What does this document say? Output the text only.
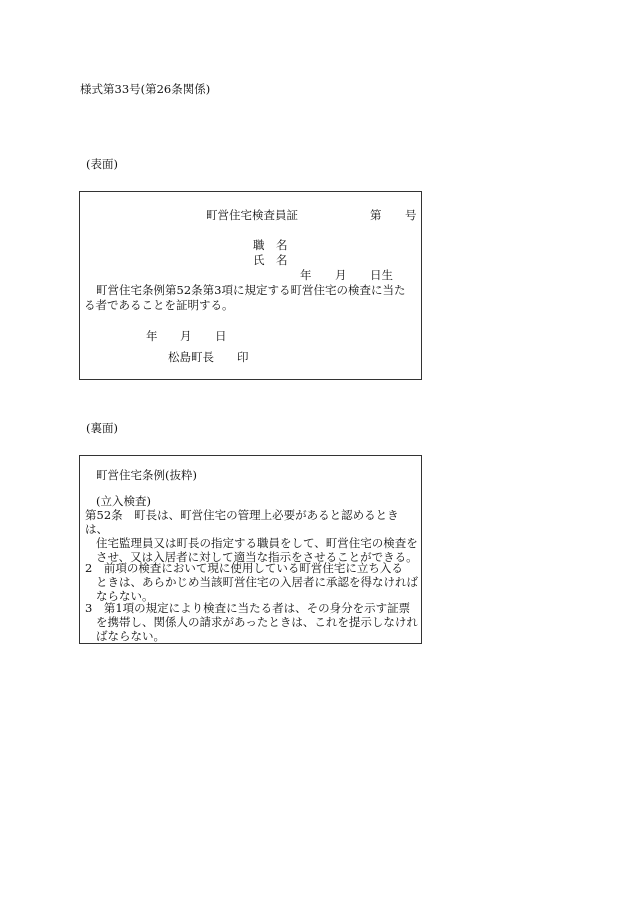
様式第33号(第26条関係)
(表面)
町営住宅検査員証	第 号
職　名
氏　名
年 月 日生
町営住宅条例第52条第3項に規定する町営住宅の検査に当た
る者であることを証明する。
年 月 日
松島町長 印
(裏面)
町営住宅条例(抜粋)
(立入検査)
第52条　町長は、町営住宅の管理上必要があると認めるときは、
住宅監理員又は町長の指定する職員をして、町営住宅の検査をさせ、又は入居者に対して適当な指示をさせることができる。
2　前項の検査において現に使用している町営住宅に立ち入る
ときは、あらかじめ当該町営住宅の入居者に承認を得なければならない。
3　第1項の規定により検査に当たる者は、その身分を示す証票
を携帯し、関係人の請求があったときは、これを提示しなければならない。
